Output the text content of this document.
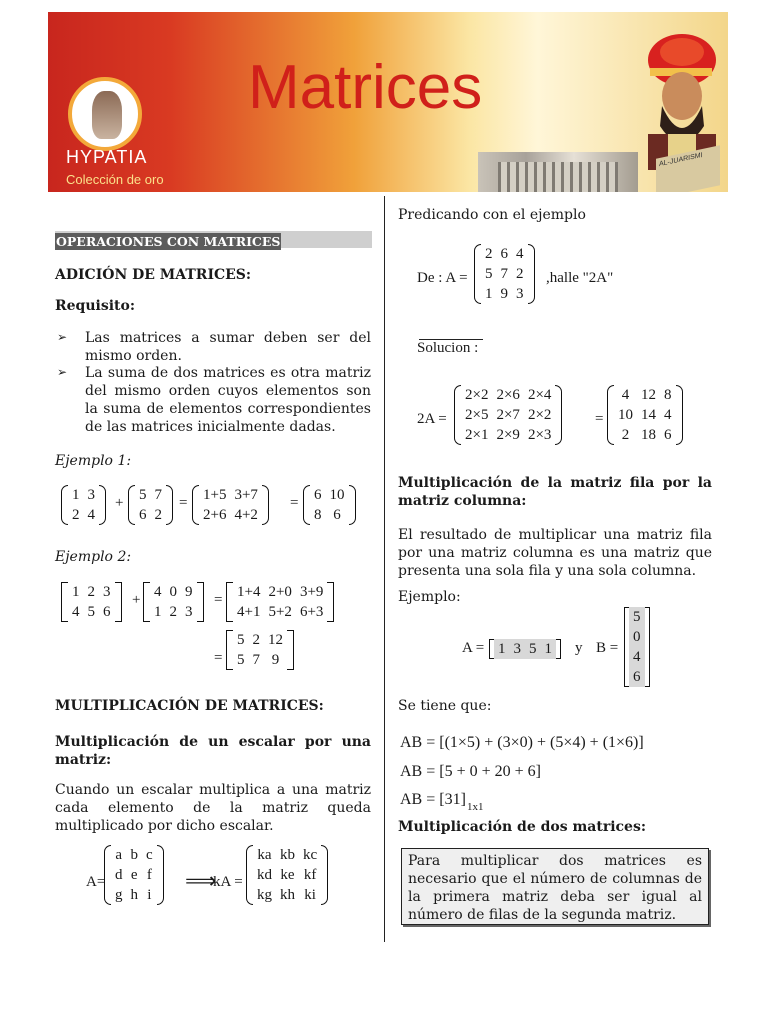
Matrices
HYPATIA
Colección de oro
AL-JUARISMI
OPERACIONES CON MATRICES
ADICIÓN DE MATRICES:
Requisito:
➢ Las matrices a sumar deben ser del mismo orden.
➢ La suma de dos matrices es otra matriz del mismo orden cuyos elementos son la suma de elementos correspondientes de las matrices inicialmente dadas.
Ejemplo 1:
1	3
2	4
+ 5	7
6	2
= 1+5	3+7
2+6	4+2
= 6	10
8	6
Ejemplo 2:
1	2	3
4	5	6
+ 4	0	9
1	2	3
= 1+4	2+0	3+9
4+1	5+2	6+3
=
5	2	12
5	7	9
MULTIPLICACIÓN DE MATRICES:
Multiplicación de un escalar por una matriz:
Cuando un escalar multiplica a una matriz cada elemento de la matriz queda multiplicado por dicho escalar.
A=
a	b	c
d	e	f
g	h	i
⟹
kA =
ka	kb	kc
kd	ke	kf
kg	kh	ki
Predicando con el ejemplo
De : A =
2	6	4
5	7	2
1	9	3
,halle "2A"
Solucion :
2A =
2×2	2×6	2×4
2×5	2×7	2×2
2×1	2×9	2×3
=
4	12	8
10	14	4
2	18	6
Multiplicación de la matriz fila por la matriz columna:
El resultado de multiplicar una matriz fila por una matriz columna es una matriz que presenta una sola fila y una sola columna.
Ejemplo:
A = 1	3	5	1 y B =
5
0
4
6
Se tiene que:
AB = [(1×5) + (3×0) + (5×4) + (1×6)]
AB = [5 + 0 + 20 + 6]
AB = [31] 1x1
Multiplicación de dos matrices:
Para multiplicar dos matrices es necesario que el número de columnas de la primera matriz deba ser igual al número de filas de la segunda matriz.
